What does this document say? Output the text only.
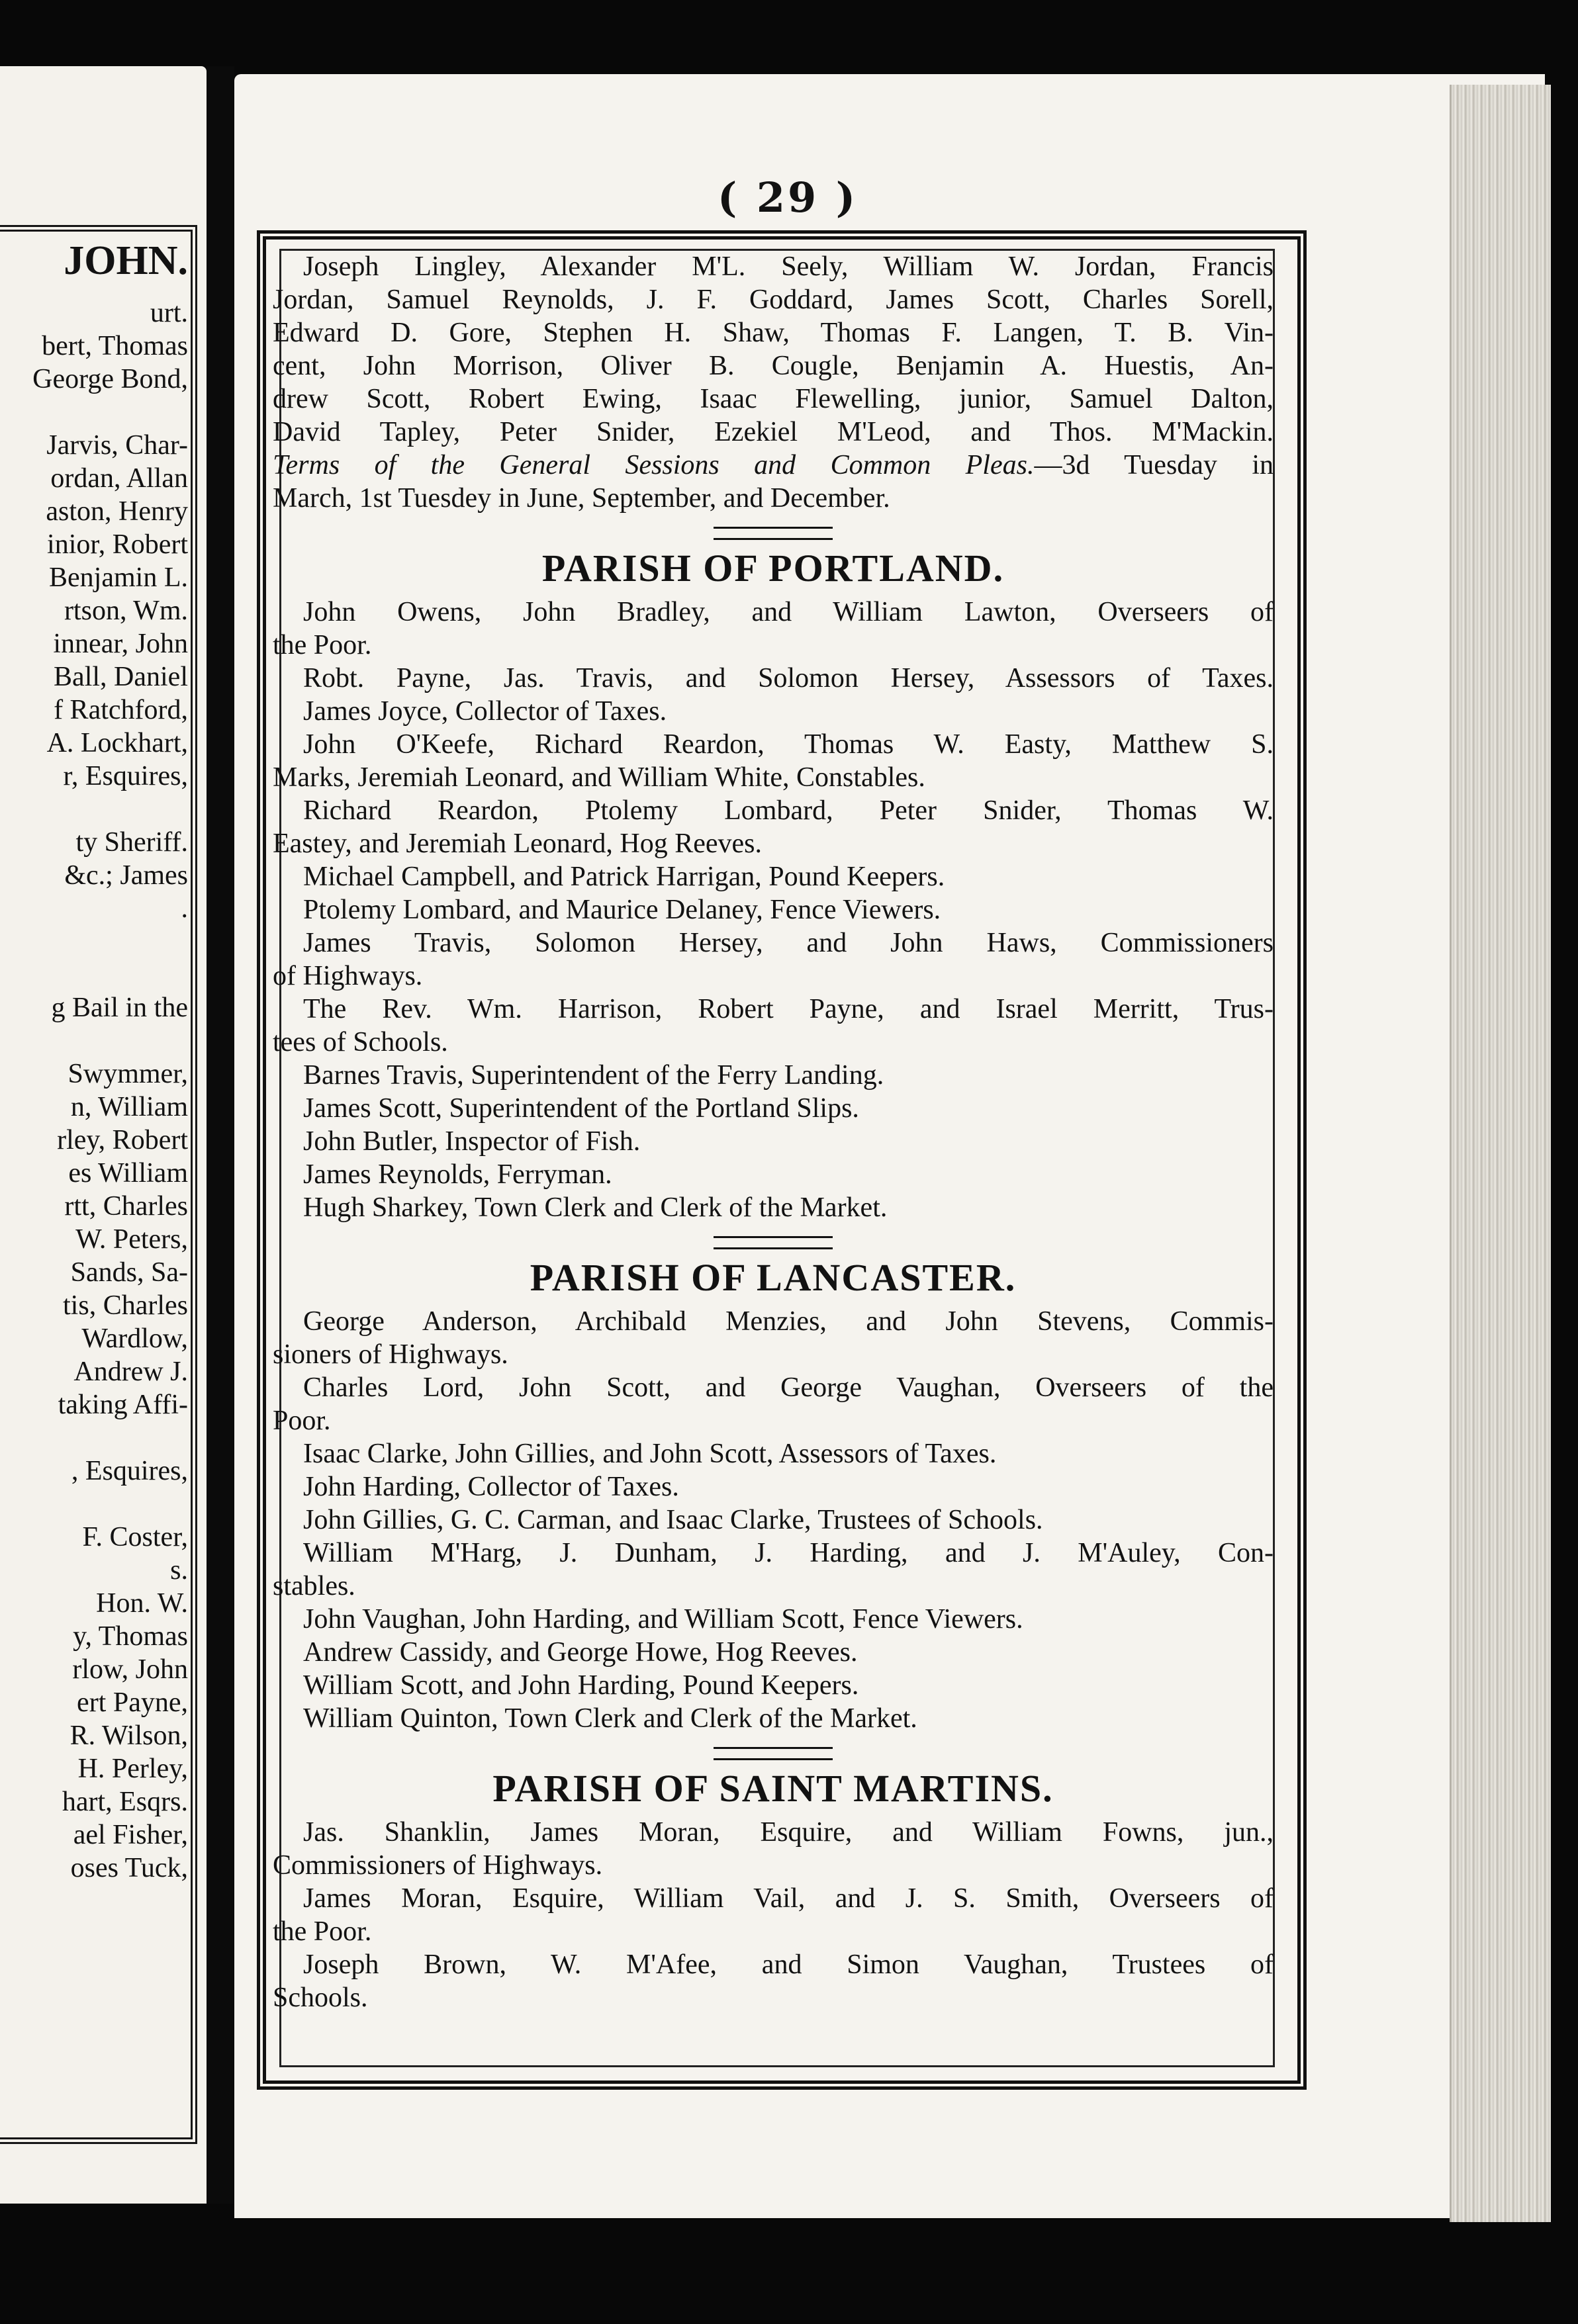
JOHN.
urt.
bert, Thomas
George Bond,
Jarvis, Char-
ordan, Allan
aston, Henry
inior, Robert
Benjamin L.
rtson, Wm.
innear, John
Ball, Daniel
f Ratchford,
A. Lockhart,
r, Esquires,
ty Sheriff.
&c.; James
.
g Bail in the
Swymmer,
n, William
rley, Robert
es William
rtt, Charles
W. Peters,
Sands, Sa-
tis, Charles
Wardlow,
Andrew J.
taking Affi-
, Esquires,
F. Coster,
s.
Hon. W.
y, Thomas
rlow, John
ert Payne,
R. Wilson,
H. Perley,
hart, Esqrs.
ael Fisher,
oses Tuck,
( 29 )
Joseph Lingley, Alexander M'L. Seely, William W. Jordan, Francis
Jordan, Samuel Reynolds, J. F. Goddard, James Scott, Charles Sorell,
Edward D. Gore, Stephen H. Shaw, Thomas F. Langen, T. B. Vin-
cent, John Morrison, Oliver B. Cougle, Benjamin A. Huestis, An-
drew Scott, Robert Ewing, Isaac Flewelling, junior, Samuel Dalton,
David Tapley, Peter Snider, Ezekiel M'Leod, and Thos. M'Mackin.
Terms of the General Sessions and Common Pleas.—3d Tuesday in
March, 1st Tuesdey in June, September, and December.
PARISH OF PORTLAND.
John Owens, John Bradley, and William Lawton, Overseers of
the Poor.
Robt. Payne, Jas. Travis, and Solomon Hersey, Assessors of Taxes.
James Joyce, Collector of Taxes.
John O'Keefe, Richard Reardon, Thomas W. Easty, Matthew S.
Marks, Jeremiah Leonard, and William White, Constables.
Richard Reardon, Ptolemy Lombard, Peter Snider, Thomas W.
Eastey, and Jeremiah Leonard, Hog Reeves.
Michael Campbell, and Patrick Harrigan, Pound Keepers.
Ptolemy Lombard, and Maurice Delaney, Fence Viewers.
James Travis, Solomon Hersey, and John Haws, Commissioners
of Highways.
The Rev. Wm. Harrison, Robert Payne, and Israel Merritt, Trus-
tees of Schools.
Barnes Travis, Superintendent of the Ferry Landing.
James Scott, Superintendent of the Portland Slips.
John Butler, Inspector of Fish.
James Reynolds, Ferryman.
Hugh Sharkey, Town Clerk and Clerk of the Market.
PARISH OF LANCASTER.
George Anderson, Archibald Menzies, and John Stevens, Commis-
sioners of Highways.
Charles Lord, John Scott, and George Vaughan, Overseers of the
Poor.
Isaac Clarke, John Gillies, and John Scott, Assessors of Taxes.
John Harding, Collector of Taxes.
John Gillies, G. C. Carman, and Isaac Clarke, Trustees of Schools.
William M'Harg, J. Dunham, J. Harding, and J. M'Auley, Con-
stables.
John Vaughan, John Harding, and William Scott, Fence Viewers.
Andrew Cassidy, and George Howe, Hog Reeves.
William Scott, and John Harding, Pound Keepers.
William Quinton, Town Clerk and Clerk of the Market.
PARISH OF SAINT MARTINS.
Jas. Shanklin, James Moran, Esquire, and William Fowns, jun.,
Commissioners of Highways.
James Moran, Esquire, William Vail, and J. S. Smith, Overseers of
the Poor.
Joseph Brown, W. M'Afee, and Simon Vaughan, Trustees of
Schools.
